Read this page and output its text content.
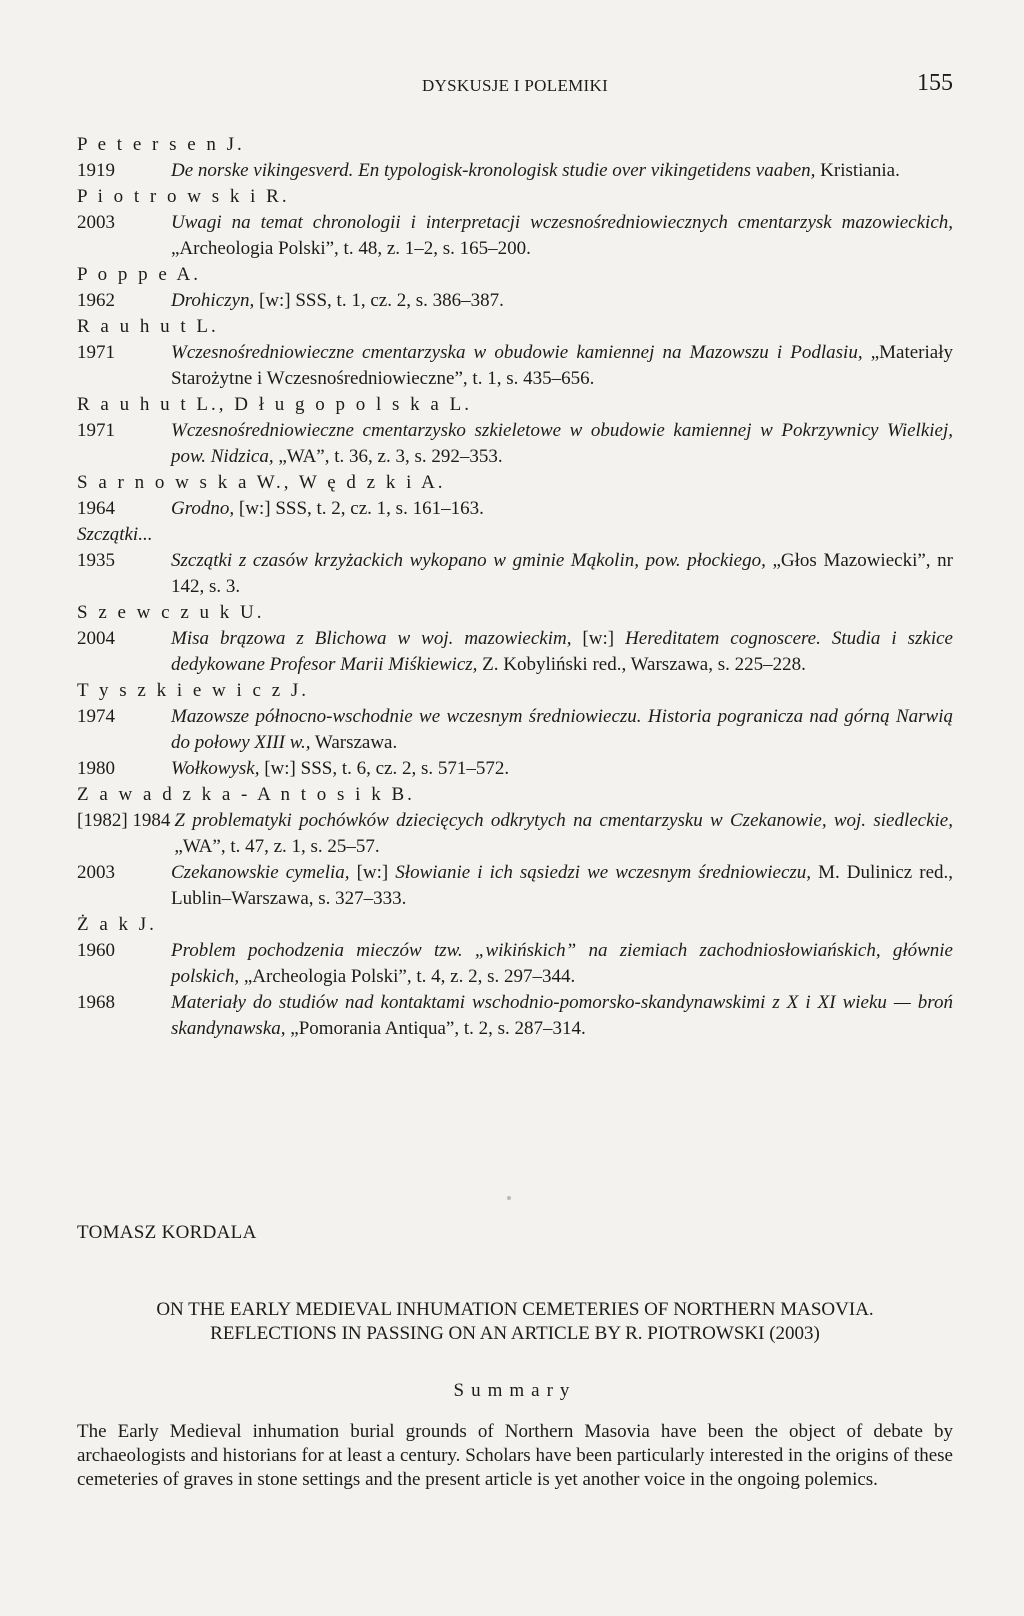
DYSKUSJE I POLEMIKI	155

P e t e r s e n J.

1919	De norske vikingesverd. En typologisk-kronologisk studie over vikingetidens vaaben, Kristiania.

P i o t r o w s k i R.

2003	Uwagi na temat chronologii i interpretacji wczesnośredniowiecznych cmentarzysk mazowieckich, „Archeologia Polski”, t. 48, z. 1–2, s. 165–200.

P o p p e A.

1962	Drohiczyn, [w:] SSS, t. 1, cz. 2, s. 386–387.

R a u h u t L.

1971	Wczesnośredniowieczne cmentarzyska w obudowie kamiennej na Mazowszu i Podlasiu, „Materiały Starożytne i Wczesnośredniowieczne”, t. 1, s. 435–656.

R a u h u t L., D ł u g o p o l s k a L.

1971	Wczesnośredniowieczne cmentarzysko szkieletowe w obudowie kamiennej w Pokrzywnicy Wielkiej, pow. Nidzica, „WA”, t. 36, z. 3, s. 292–353.

S a r n o w s k a W., W ę d z k i A.

1964	Grodno, [w:] SSS, t. 2, cz. 1, s. 161–163.

Szczątki...

1935	Szczątki z czasów krzyżackich wykopano w gminie Mąkolin, pow. płockiego, „Głos Mazowiecki”, nr 142, s. 3.

S z e w c z u k U.

2004	Misa brązowa z Blichowa w woj. mazowieckim, [w:] Hereditatem cognoscere. Studia i szkice dedykowane Profesor Marii Miśkiewicz, Z. Kobyliński red., Warszawa, s. 225–228.

T y s z k i e w i c z J.

1974	Mazowsze północno-wschodnie we wczesnym średniowieczu. Historia pogranicza nad górną Narwią do połowy XIII w., Warszawa.
1980	Wołkowysk, [w:] SSS, t. 6, cz. 2, s. 571–572.

Z a w a d z k a - A n t o s i k B.

[1982] 1984 Z problematyki pochówków dziecięcych odkrytych na cmentarzysku w Czekanowie, woj. siedleckie, „WA”, t. 47, z. 1, s. 25–57.
2003	Czekanowskie cymelia, [w:] Słowianie i ich sąsiedzi we wczesnym średniowieczu, M. Dulinicz red., Lublin–Warszawa, s. 327–333.

Ż a k J.

1960	Problem pochodzenia mieczów tzw. „wikińskich” na ziemiach zachodniosłowiańskich, głównie polskich, „Archeologia Polski”, t. 4, z. 2, s. 297–344.
1968	Materiały do studiów nad kontaktami wschodnio-pomorsko-skandynawskimi z X i XI wieku — broń skandynawska, „Pomorania Antiqua”, t. 2, s. 287–314.
TOMASZ KORDALA
ON THE EARLY MEDIEVAL INHUMATION CEMETERIES OF NORTHERN MASOVIA.
REFLECTIONS IN PASSING ON AN ARTICLE BY R. PIOTROWSKI (2003)
Summary
The Early Medieval inhumation burial grounds of Northern Masovia have been the object of debate by archaeologists and historians for at least a century. Scholars have been particularly interested in the origins of these cemeteries of graves in stone settings and the present article is yet another voice in the ongoing polemics.
